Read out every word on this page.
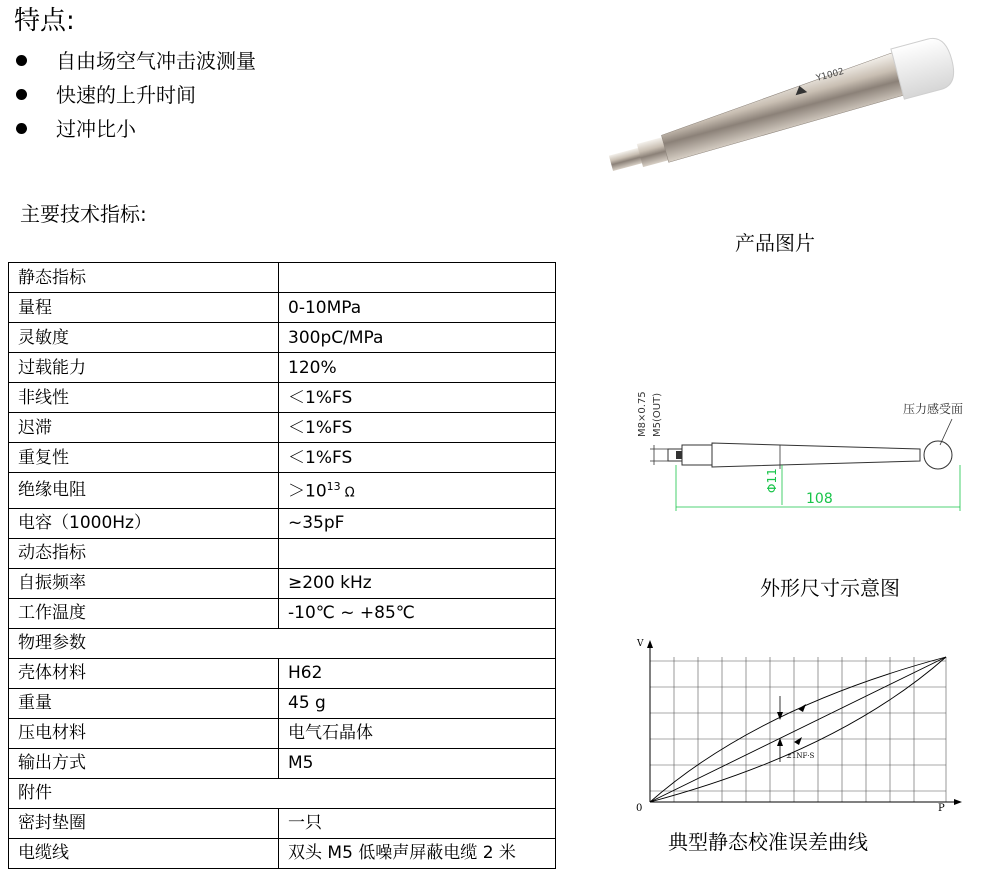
特点:
自由场空气冲击波测量
快速的上升时间
过冲比小
主要技术指标:
静态指标	
量程	0-10MPa
灵敏度	300pC/MPa
过载能力	120%
非线性	＜1%FS
迟滞	＜1%FS
重复性	＜1%FS
绝缘电阻	$>10^{13}$ Ω
电容（1000Hz）	~35pF
动态指标	
自振频率	≥200 kHz
工作温度	-10℃ ~ +85℃
物理参数	
壳体材料	H62
重量	45 g
压电材料	电气石晶体
输出方式	M5
附件	
密封垫圈	一只
电缆线	双头 M5 低噪声屏蔽电缆 2 米
Y1002
产品图片
M8×0.75 M5(OUT)	压力感受面
108
Φ11
外形尺寸示意图
±1NF·S
V
P
0
典型静态校准误差曲线
